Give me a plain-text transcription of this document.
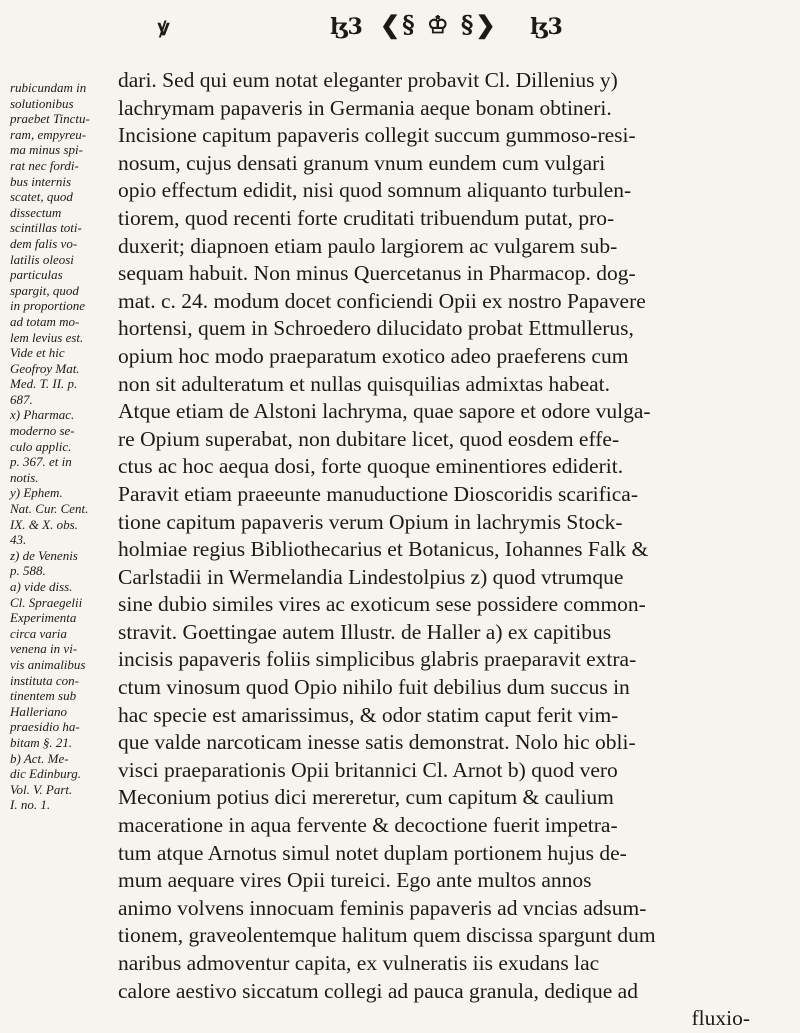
ꝟ	ɮ3 ❮§ ♔ §❯ ɮ3
rubicundam in
solutionibus
praebet Tinctu-
ram, empyreu-
ma minus spi-
rat nec fordi-
bus internis
scatet, quod
dissectum
scintillas toti-
dem falis vo-
latilis oleosi
particulas
spargit, quod
in proportione
ad totam mo-
lem levius est.
Vide et hic
Geofroy Mat.
Med. T. II. p.
687.
x) Pharmac.
moderno se-
culo applic.
p. 367. et in
notis.
y) Ephem.
Nat. Cur. Cent.
IX. & X. obs.
43.
z) de Venenis
p. 588.
a) vide diss.
Cl. Spraegelii
Experimenta
circa varia
venena in vi-
vis animalibus
instituta con-
tinentem sub
Halleriano
praesidio ha-
bitam §. 21.
b) Act. Me-
dic Edinburg.
Vol. V. Part.
I. no. 1.
dari. Sed qui eum notat eleganter probavit Cl. Dillenius y)
lachrymam papaveris in Germania aeque bonam obtineri.
Incisione capitum papaveris collegit succum gummoso-resi-
nosum, cujus densati granum vnum eundem cum vulgari
opio effectum edidit, nisi quod somnum aliquanto turbulen-
tiorem, quod recenti forte cruditati tribuendum putat, pro-
duxerit; diapnoen etiam paulo largiorem ac vulgarem sub-
sequam habuit. Non minus Quercetanus in Pharmacop. dog-
mat. c. 24. modum docet conficiendi Opii ex nostro Papavere
hortensi, quem in Schroedero dilucidato probat Ettmullerus,
opium hoc modo praeparatum exotico adeo praeferens cum
non sit adulteratum et nullas quisquilias admixtas habeat.
Atque etiam de Alstoni lachryma, quae sapore et odore vulga-
re Opium superabat, non dubitare licet, quod eosdem effe-
ctus ac hoc aequa dosi, forte quoque eminentiores ediderit.
Paravit etiam praeeunte manuductione Dioscoridis scarifica-
tione capitum papaveris verum Opium in lachrymis Stock-
holmiae regius Bibliothecarius et Botanicus, Iohannes Falk &
Carlstadii in Wermelandia Lindestolpius z) quod vtrumque
sine dubio similes vires ac exoticum sese possidere common-
stravit. Goettingae autem Illustr. de Haller a) ex capitibus
incisis papaveris foliis simplicibus glabris praeparavit extra-
ctum vinosum quod Opio nihilo fuit debilius dum succus in
hac specie est amarissimus, & odor statim caput ferit vim-
que valde narcoticam inesse satis demonstrat. Nolo hic obli-
visci praeparationis Opii britannici Cl. Arnot b) quod vero
Meconium potius dici mereretur, cum capitum & caulium
maceratione in aqua fervente & decoctione fuerit impetra-
tum atque Arnotus simul notet duplam portionem hujus de-
mum aequare vires Opii tureici. Ego ante multos annos
animo volvens innocuam feminis papaveris ad vncias adsum-
tionem, graveolentemque halitum quem discissa spargunt dum
naribus admoventur capita, ex vulneratis iis exudans lac
calore aestivo siccatum collegi ad pauca granula, dedique ad
fluxio-
